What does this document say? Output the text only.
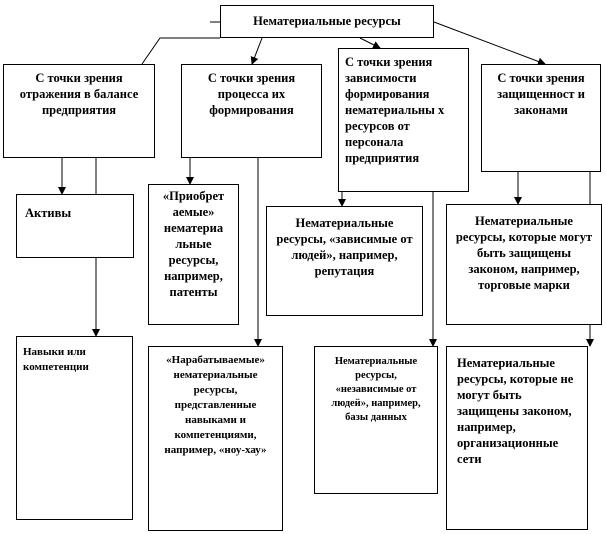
Нематериальные ресурсы
С точки зрения отражения в балансе предприятия
С точки зрения процесса их формирования
С точки зрения зависимости формирования нематериальны х ресурсов от персонала предприятия
С точки зрения защищенност и законами
Активы
Навыки или компетенции
«Приобрет аемые» нематериа льные ресурсы, например, патенты
«Нарабатываемые» нематериальные ресурсы, представленные навыками и компетенциями, например, «ноу-хау»
Нематериальные ресурсы, «зависимые от людей», например, репутация
Нематериальные ресурсы, «независимые от людей», например, базы данных
Нематериальные ресурсы, которые могут быть защищены законом, например, торговые марки
Нематериальные ресурсы, которые не могут быть защищены законом, например, организационные сети
